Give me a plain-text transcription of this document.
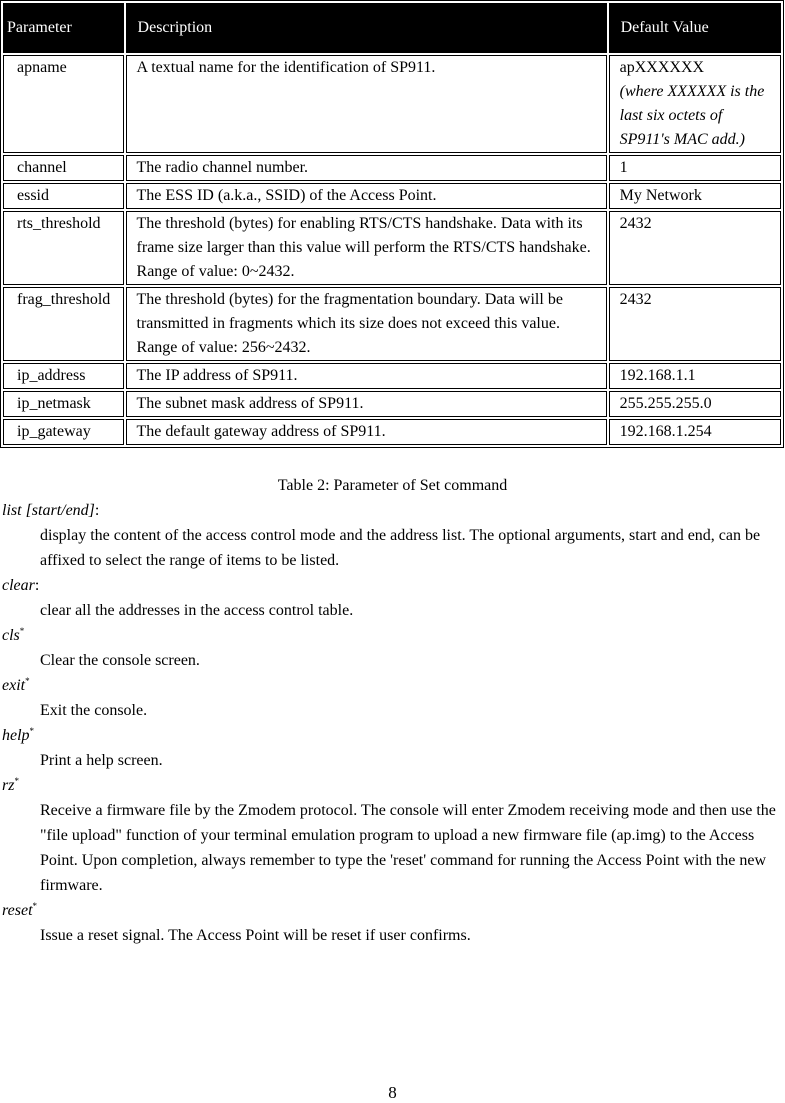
Parameter	Description	Default Value
apname	A textual name for the identification of SP911.	apXXXXXX
(where XXXXXX is the last six octets of SP911's MAC add.)

channel	The radio channel number.	1
essid	The ESS ID (a.k.a., SSID) of the Access Point.	My Network
rts_threshold	The threshold (bytes) for enabling RTS/CTS handshake. Data with its frame size larger than this value will perform the RTS/CTS handshake. Range of value: 0~2432.	2432
frag_threshold	The threshold (bytes) for the fragmentation boundary. Data will be transmitted in fragments which its size does not exceed this value. Range of value: 256~2432.	2432
ip_address	The IP address of SP911.	192.168.1.1
ip_netmask	The subnet mask address of SP911.	255.255.255.0
ip_gateway	The default gateway address of SP911.	192.168.1.254
Table 2: Parameter of Set command

list [start/end]:

display the content of the access control mode and the address list. The optional arguments, start and end, can be affixed to select the range of items to be listed.

clear:

clear all the addresses in the access control table.

cls*

Clear the console screen.

exit*

Exit the console.

help*

Print a help screen.

rz*

Receive a firmware file by the Zmodem protocol. The console will enter Zmodem receiving mode and then use the "file upload" function of your terminal emulation program to upload a new firmware file (ap.img) to the Access Point. Upon completion, always remember to type the 'reset' command for running the Access Point with the new firmware.

reset*

Issue a reset signal. The Access Point will be reset if user confirms.

8
